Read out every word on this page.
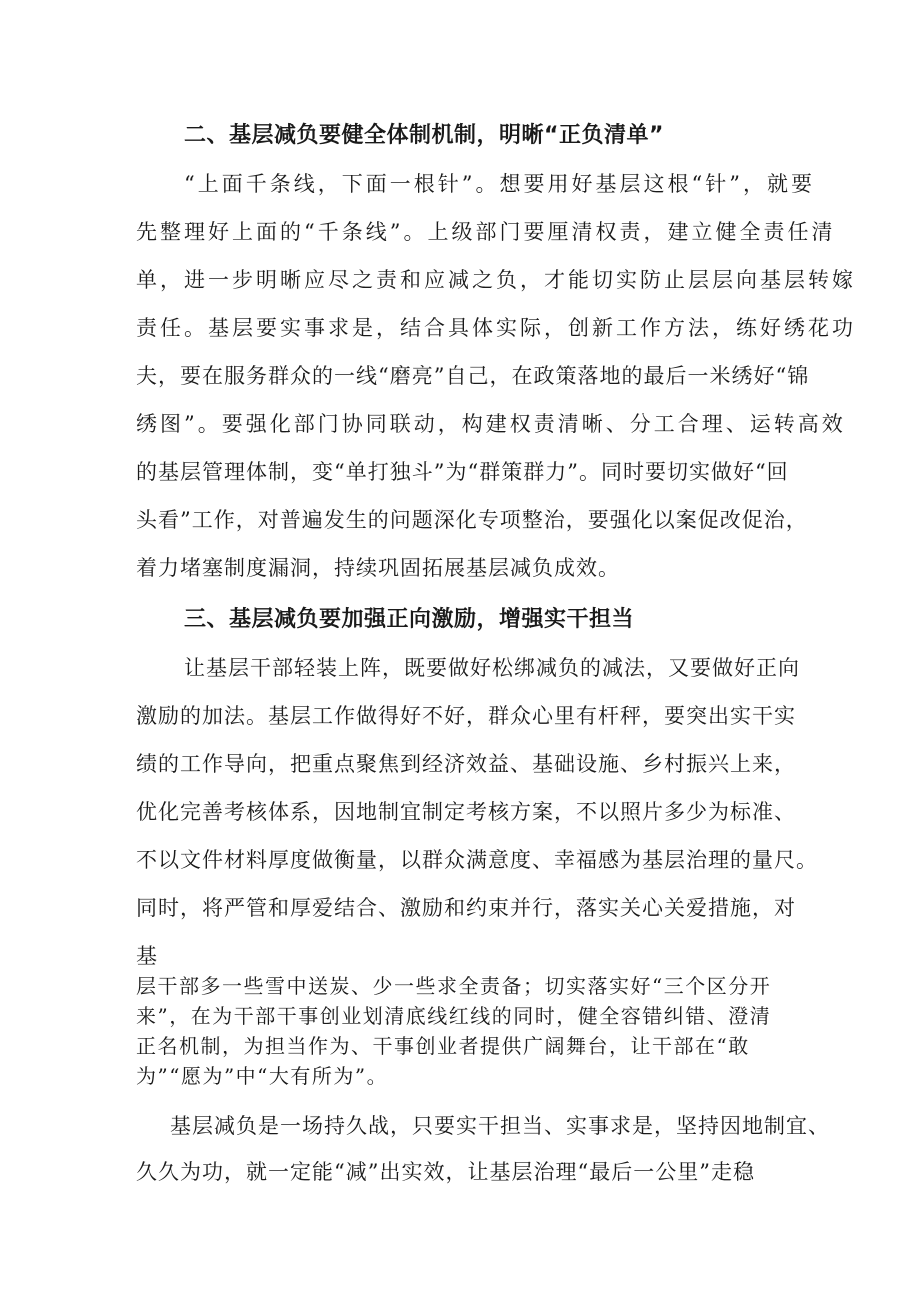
二、基层减负要健全体制机制，明晰“正负清单”
“上面千条线，下面一根针”。想要用好基层这根“针”，就要
先整理好上面的“千条线”。上级部门要厘清权责，建立健全责任清
单，进一步明晰应尽之责和应减之负，才能切实防止层层向基层转嫁
责任。基层要实事求是，结合具体实际，创新工作方法，练好绣花功
夫，要在服务群众的一线“磨亮”自己，在政策落地的最后一米绣好“锦
绣图”。要强化部门协同联动，构建权责清晰、分工合理、运转高效
的基层管理体制，变“单打独斗”为“群策群力”。同时要切实做好“回
头看”工作，对普遍发生的问题深化专项整治，要强化以案促改促治，
着力堵塞制度漏洞，持续巩固拓展基层减负成效。
三、基层减负要加强正向激励，增强实干担当
让基层干部轻装上阵，既要做好松绑减负的减法，又要做好正向
激励的加法。基层工作做得好不好，群众心里有杆秤，要突出实干实
绩的工作导向，把重点聚焦到经济效益、基础设施、乡村振兴上来，
优化完善考核体系，因地制宜制定考核方案，不以照片多少为标准、
不以文件材料厚度做衡量，以群众满意度、幸福感为基层治理的量尺。
同时，将严管和厚爱结合、激励和约束并行，落实关心关爱措施，对
基
层干部多一些雪中送炭、少一些求全责备；切实落实好“三个区分开
来”，在为干部干事创业划清底线红线的同时，健全容错纠错、澄清
正名机制，为担当作为、干事创业者提供广阔舞台，让干部在“敢
为”“愿为”中“大有所为”。
基层减负是一场持久战，只要实干担当、实事求是，坚持因地制宜、
久久为功，就一定能“减”出实效，让基层治理“最后一公里”走稳
